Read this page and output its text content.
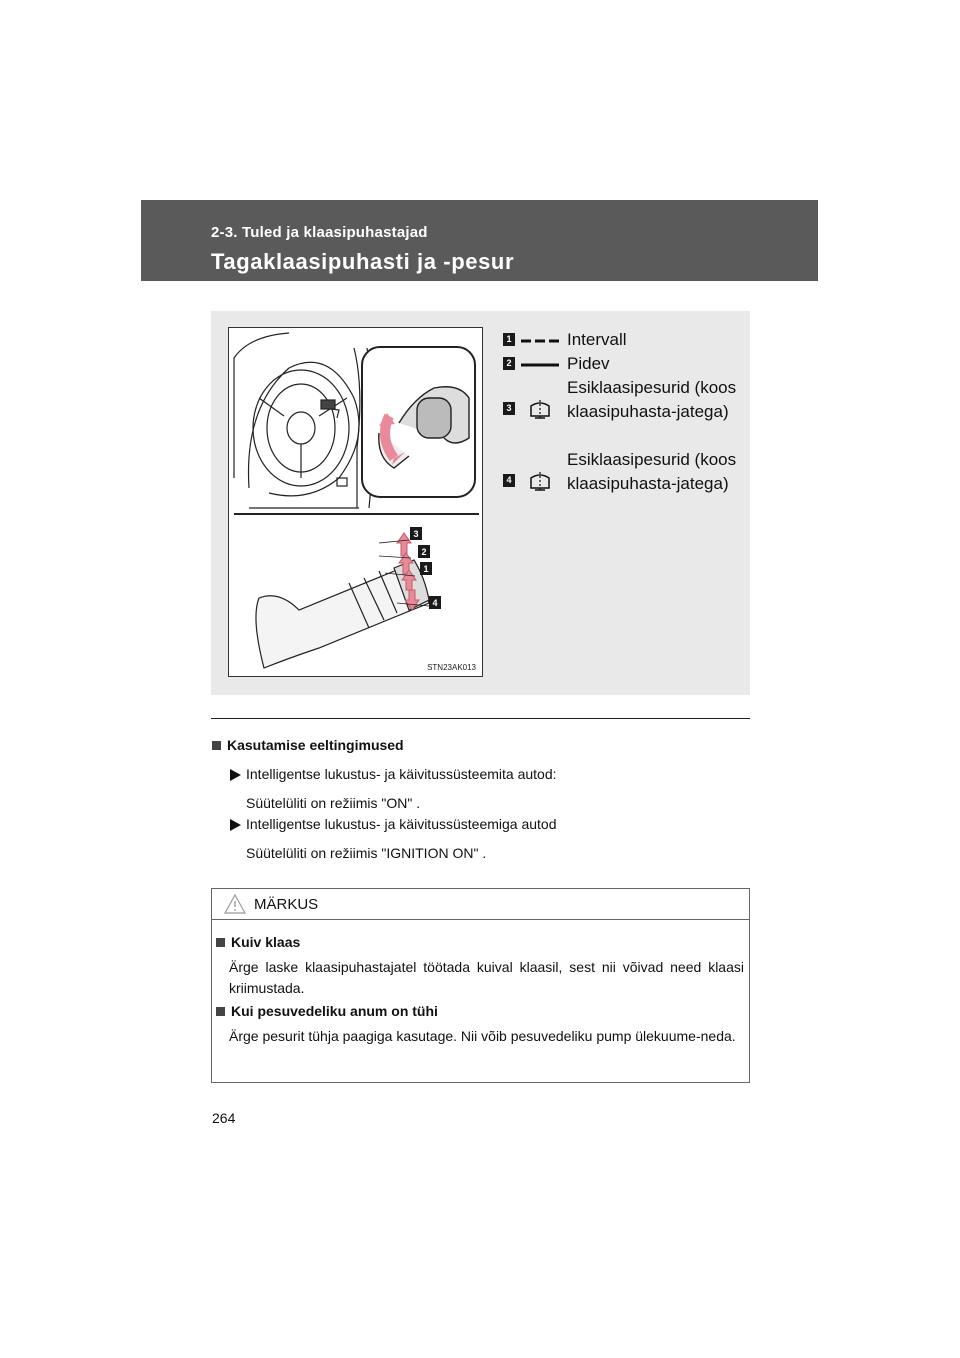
2-3. Tuled ja klaasipuhastajad
Tagaklaasipuhasti ja -pesur
3
2
1
4
STN23AK013
1	Intervall
2	Pidev
3
Esiklaasipesurid (koos klaasipuhasta-jatega)
4
Esiklaasipesurid (koos klaasipuhasta-jatega)
Kasutamise eeltingimused
Intelligentse lukustus- ja käivitussüsteemita autod:
Süütelüliti on režiimis "ON" .
Intelligentse lukustus- ja käivitussüsteemiga autod
Süütelüliti on režiimis "IGNITION ON" .
MÄRKUS
Kuiv klaas
Ärge laske klaasipuhastajatel töötada kuival klaasil, sest nii võivad need klaasi kriimustada.
Kui pesuvedeliku anum on tühi
Ärge pesurit tühja paagiga kasutage. Nii võib pesuvedeliku pump ülekuume-neda.
264
